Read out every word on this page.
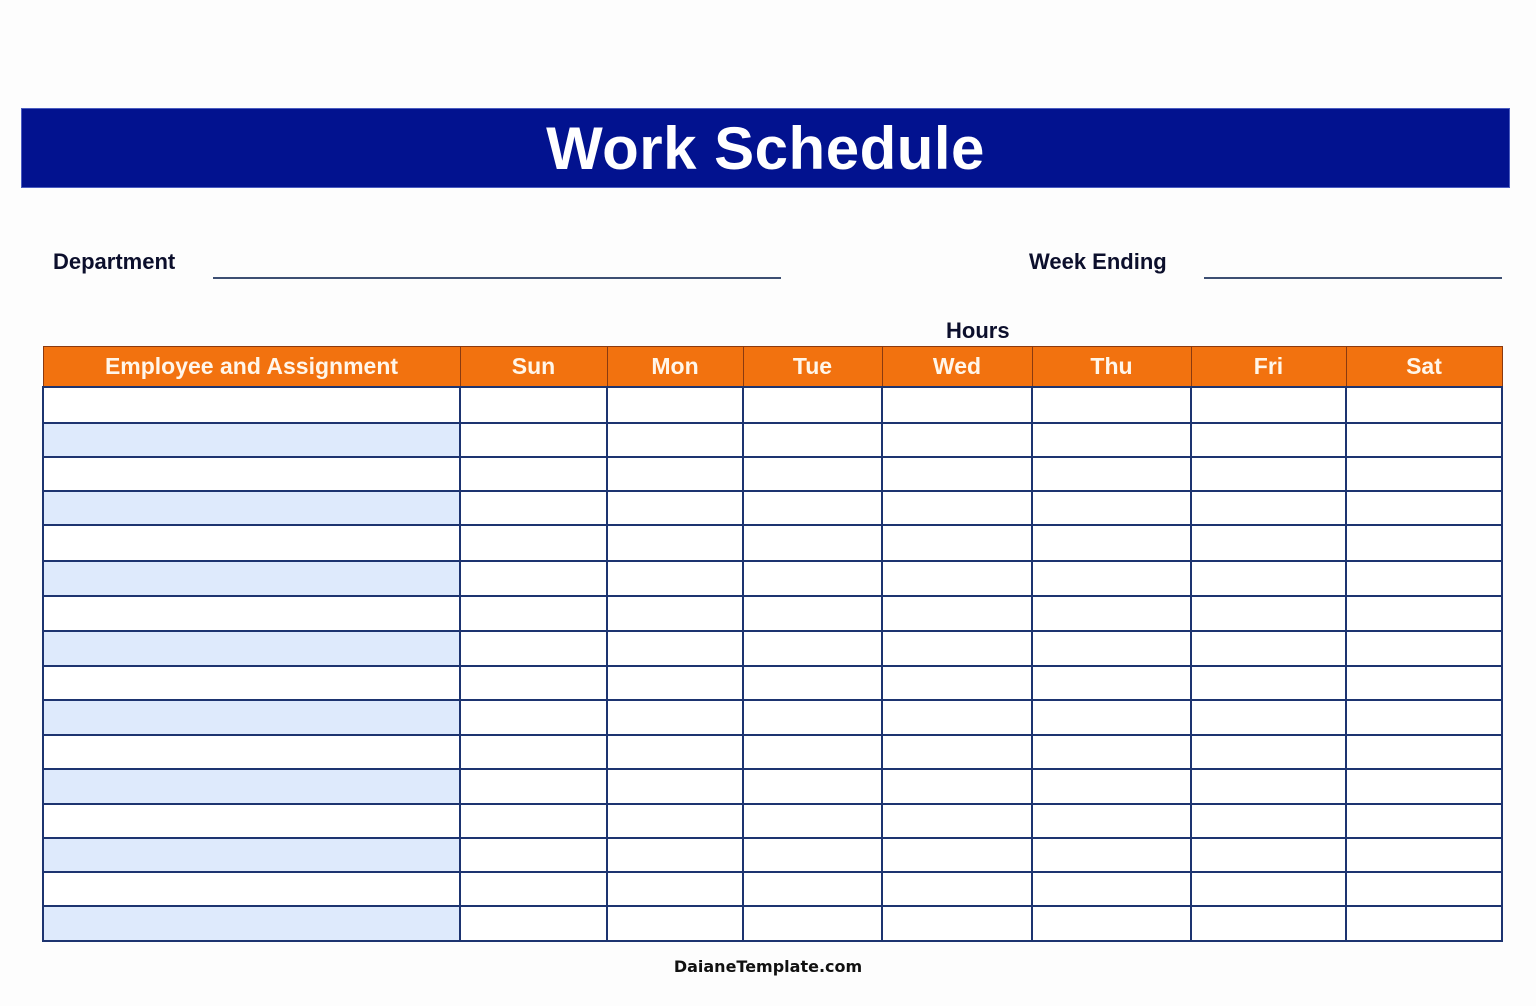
Work Schedule
Department	Week Ending
Hours
Employee and Assignment	Sun	Mon	Tue	Wed	Thu	Fri	Sat

DaianeTemplate.com
